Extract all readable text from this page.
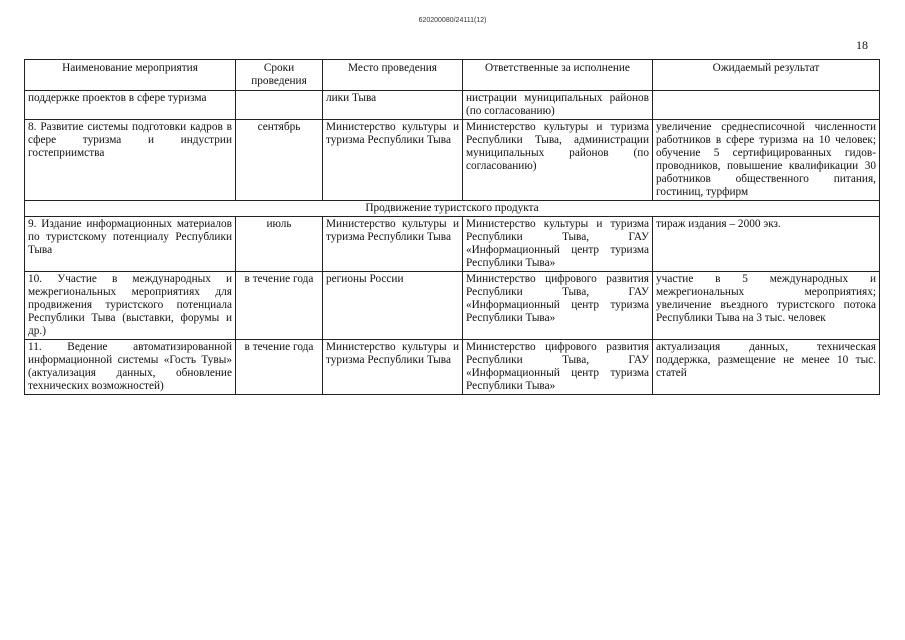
620200080/24111(12)
18
Наименование мероприятия	Сроки проведения	Место проведения	Ответственные за исполнение	Ожидаемый результат
поддержке проектов в сфере туризма		лики Тыва	нистрации муниципальных районов (по согласованию)	
8. Развитие системы подготовки кадров в сфере туризма и индустрии гостеприимства	сентябрь	Министерство культуры и туризма Республики Тыва	Министерство культуры и туризма Республики Тыва, администрации муниципальных районов (по согласованию)	увеличение среднесписочной численности работников в сфере туризма на 10 человек; обучение 5 сертифицированных гидов-проводников, повышение квалификации 30 работников общественного питания, гостиниц, турфирм
Продвижение туристского продукта				
9. Издание информационных материалов по туристскому потенциалу Республики Тыва	июль	Министерство культуры и туризма Республики Тыва	Министерство культуры и туризма Республики Тыва, ГАУ «Информационный центр туризма Республики Тыва»	тираж издания – 2000 экз.
10. Участие в международных и межрегиональных мероприятиях для продвижения туристского потенциала Республики Тыва (выставки, форумы и др.)	в течение года	регионы России	Министерство цифрового развития Республики Тыва, ГАУ «Информационный центр туризма Республики Тыва»	участие в 5 международных и межрегиональных мероприятиях; увеличение въездного туристского потока Республики Тыва на 3 тыс. человек
11. Ведение автоматизированной информационной системы «Гость Тувы» (актуализация данных, обновление технических возможностей)	в течение года	Министерство культуры и туризма Республики Тыва	Министерство цифрового развития Республики Тыва, ГАУ «Информационный центр туризма Республики Тыва»	актуализация данных, техническая поддержка, размещение не менее 10 тыс. статей
